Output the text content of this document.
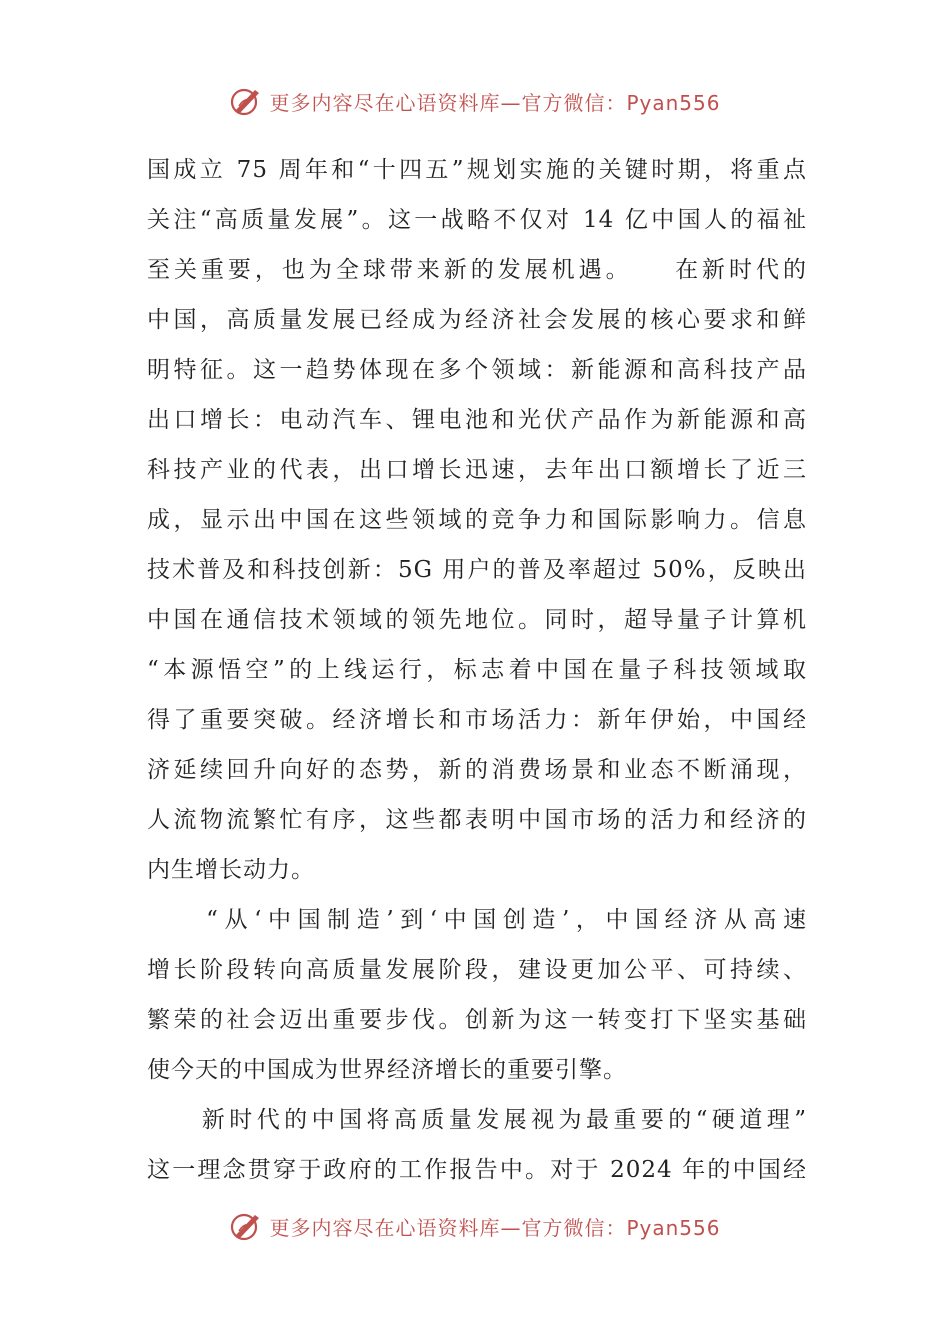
更多内容尽在心语资料库—官方微信：Pyan556
国成立 75 周年和“十四五”规划实施的关键时期，将重点
关注“高质量发展”。这一战略不仅对 14 亿中国人的福祉
至关重要，也为全球带来新的发展机遇。　　在新时代的
中国，高质量发展已经成为经济社会发展的核心要求和鲜
明特征。这一趋势体现在多个领域：新能源和高科技产品
出口增长：电动汽车、锂电池和光伏产品作为新能源和高
科技产业的代表，出口增长迅速，去年出口额增长了近三
成，显示出中国在这些领域的竞争力和国际影响力。信息
技术普及和科技创新：5G 用户的普及率超过 50%，反映出
中国在通信技术领域的领先地位。同时，超导量子计算机
“本源悟空”的上线运行，标志着中国在量子科技领域取
得了重要突破。经济增长和市场活力：新年伊始，中国经
济延续回升向好的态势，新的消费场景和业态不断涌现，
人流物流繁忙有序，这些都表明中国市场的活力和经济的
内生增长动力。
　　“从‘中国制造’到‘中国创造’，中国经济从高速
增长阶段转向高质量发展阶段，建设更加公平、可持续、
繁荣的社会迈出重要步伐。创新为这一转变打下坚实基础
使今天的中国成为世界经济增长的重要引擎。
　　新时代的中国将高质量发展视为最重要的“硬道理”
这一理念贯穿于政府的工作报告中。对于 2024 年的中国经
更多内容尽在心语资料库—官方微信：Pyan556
